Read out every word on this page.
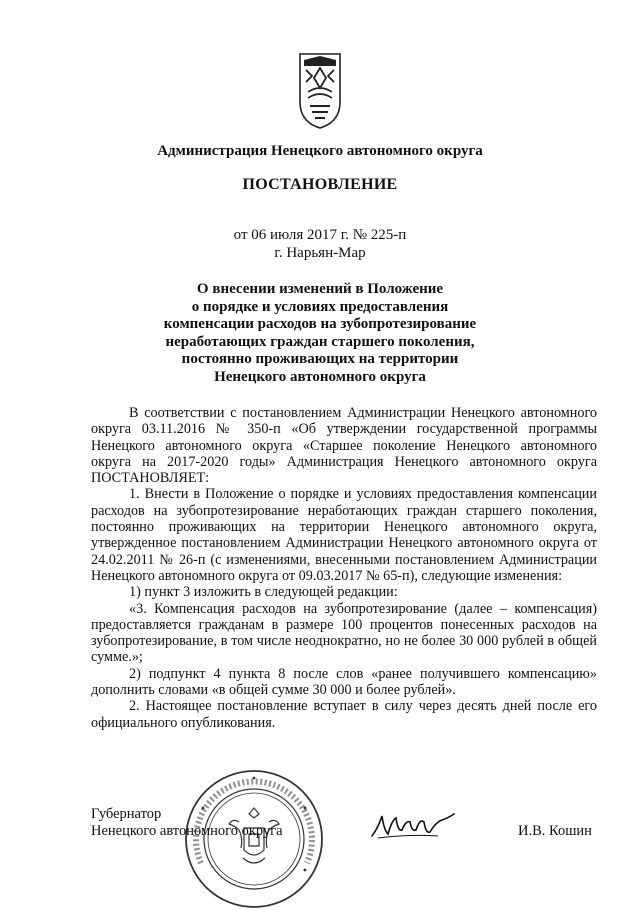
Администрация Ненецкого автономного округа
ПОСТАНОВЛЕНИЕ
от 06 июля 2017 г. № 225-п
г. Нарьян-Мар
О внесении изменений в Положение
о порядке и условиях предоставления
компенсации расходов на зубопротезирование
неработающих граждан старшего поколения,
постоянно проживающих на территории
Ненецкого автономного округа

В соответствии с постановлением Администрации Ненецкого автономного округа 03.11.2016 № 350-п «Об утверждении государственной программы Ненецкого автономного округа «Старшее поколение Ненецкого автономного округа на 2017-2020 годы» Администрация Ненецкого автономного округа ПОСТАНОВЛЯЕТ:

1. Внести в Положение о порядке и условиях предоставления компенсации расходов на зубопротезирование неработающих граждан старшего поколения, постоянно проживающих на территории Ненецкого автономного округа, утвержденное постановлением Администрации Ненецкого автономного округа от 24.02.2011 № 26-п (с изменениями, внесенными постановлением Администрации Ненецкого автономного округа от 09.03.2017 № 65-п), следующие изменения:

1) пункт 3 изложить в следующей редакции:

«3. Компенсация расходов на зубопротезирование (далее – компенсация) предоставляется гражданам в размере 100 процентов понесенных расходов на зубопротезирование, в том числе неоднократно, но не более 30 000 рублей в общей сумме.»;

2) подпункт 4 пункта 8 после слов «ранее получившего компенсацию» дополнить словами «в общей сумме 30 000 и более рублей».

2. Настоящее постановление вступает в силу через десять дней после его официального опубликования.

Губернатор
Ненецкого автономного округа	И.В. Кошин
